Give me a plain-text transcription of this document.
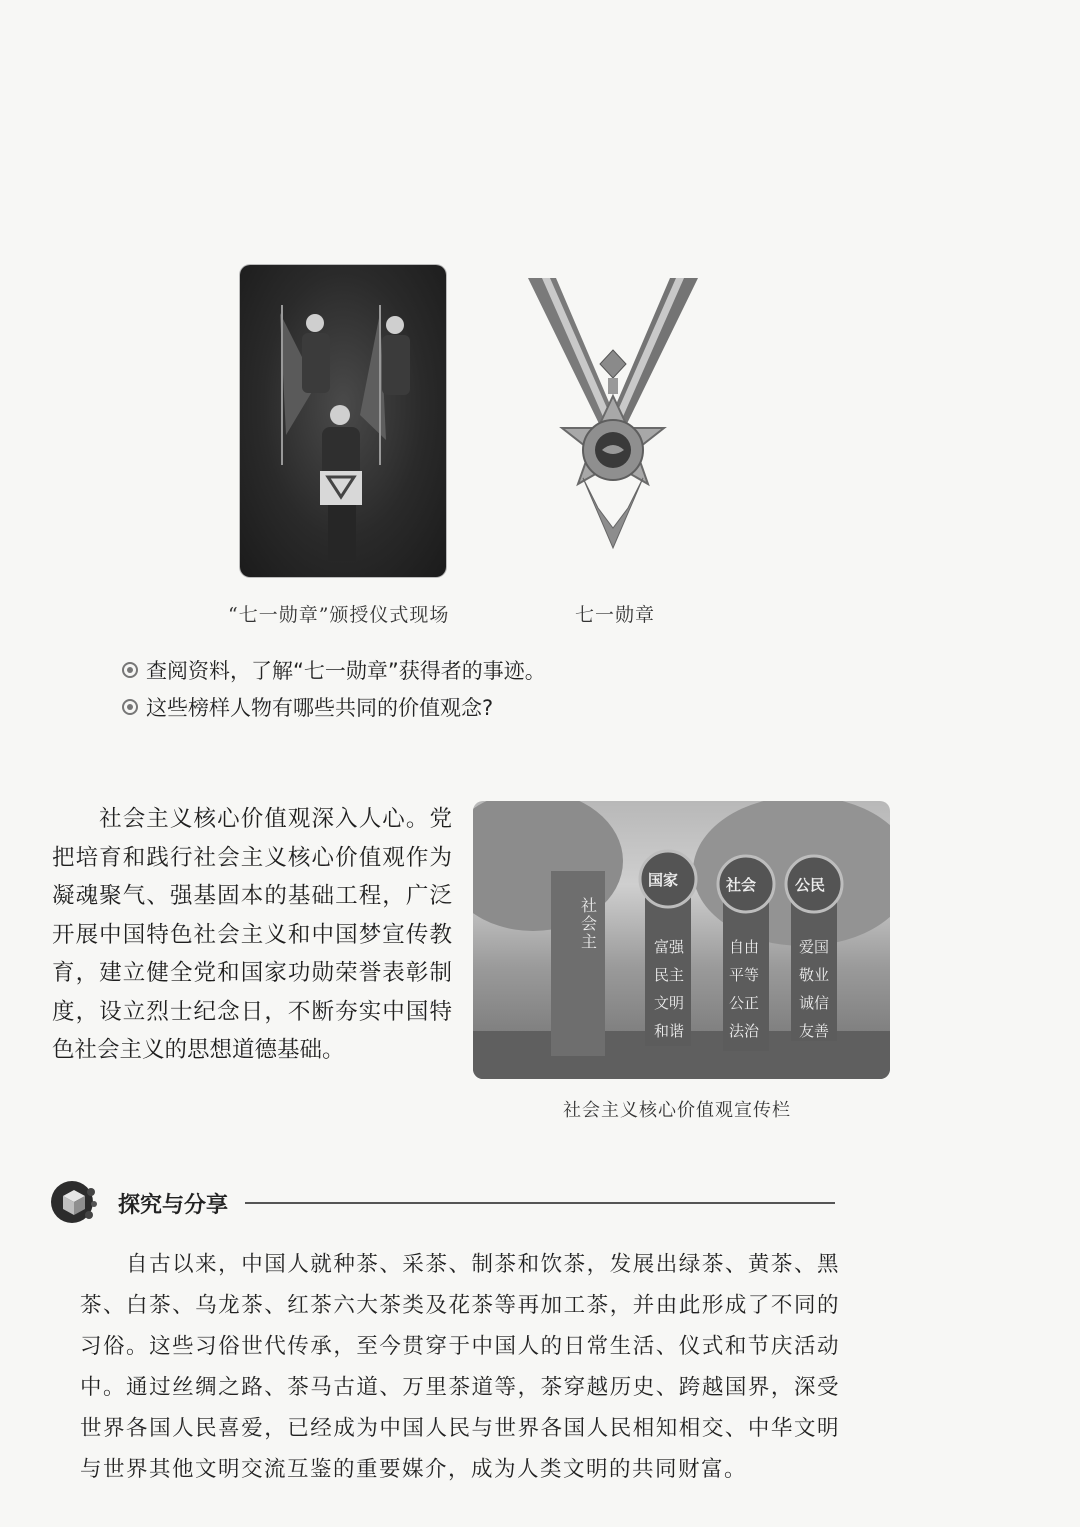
“七一勋章”颁授仪式现场	七一勋章
查阅资料，了解“七一勋章”获得者的事迹。
这些榜样人物有哪些共同的价值观念?
社会主义核心价值观深入人心。党把培育和践行社会主义核心价值观作为凝魂聚气、强基固本的基础工程，广泛开展中国特色社会主义和中国梦宣传教育，建立健全党和国家功勋荣誉表彰制度，设立烈士纪念日，不断夯实中国特色社会主义的思想道德基础。
社会主
国家
富强
民主
文明
和谐
社会
自由
平等
公正
法治
公民
爱国
敬业
诚信
友善
社会主义核心价值观宣传栏
探究与分享
自古以来，中国人就种茶、采茶、制茶和饮茶，发展出绿茶、黄茶、黑茶、白茶、乌龙茶、红茶六大茶类及花茶等再加工茶，并由此形成了不同的习俗。这些习俗世代传承，至今贯穿于中国人的日常生活、仪式和节庆活动中。通过丝绸之路、茶马古道、万里茶道等，茶穿越历史、跨越国界，深受世界各国人民喜爱，已经成为中国人民与世界各国人民相知相交、中华文明与世界其他文明交流互鉴的重要媒介，成为人类文明的共同财富。
